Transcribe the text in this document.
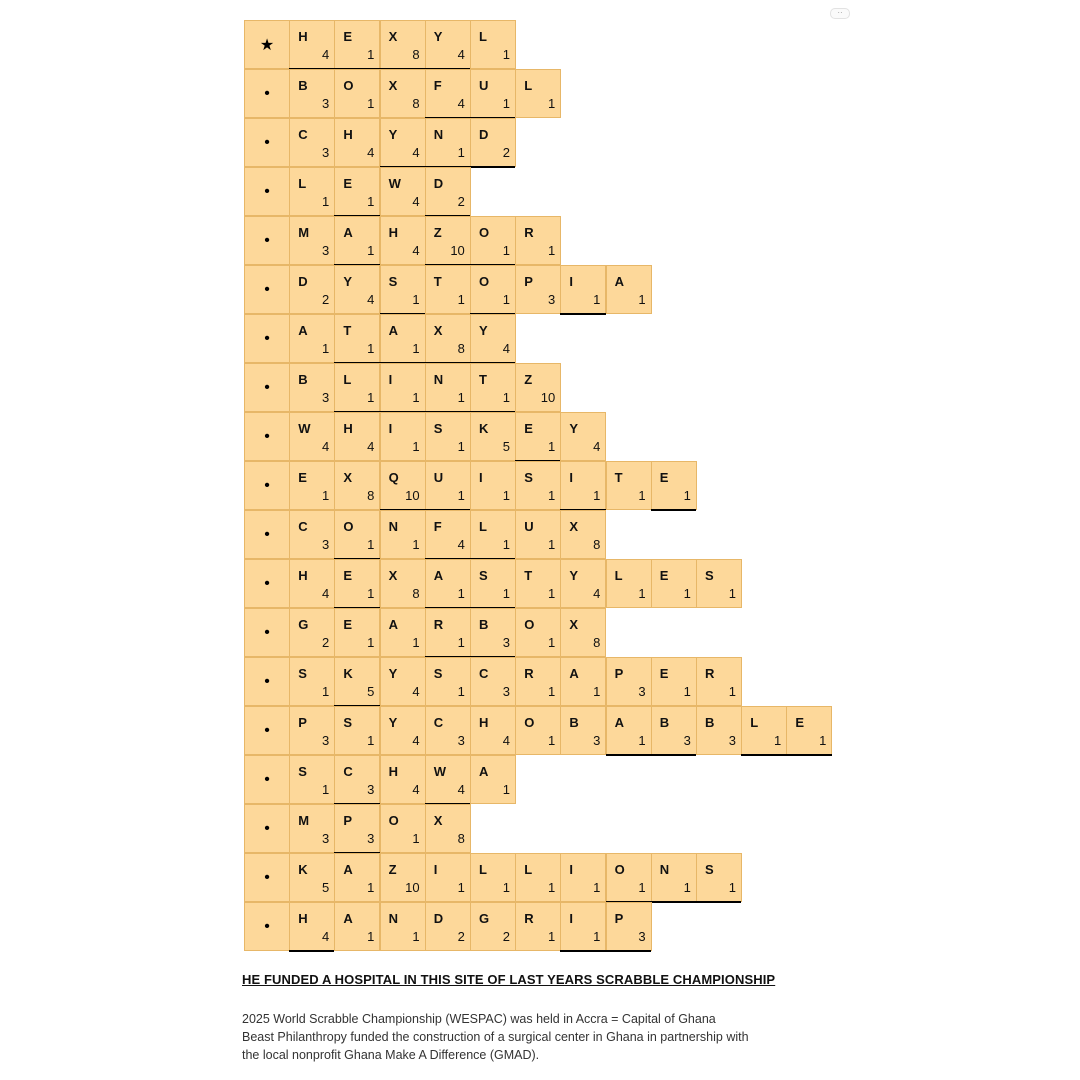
··
★	H
4
E
1
X
8
Y
4
L
1
•	B
3
O
1
X
8
F
4
U
1
L
1
•	C
3
H
4
Y
4
N
1
D
2
•	L
1
E
1
W
4
D
2
•	M
3
A
1
H
4
Z
10
O
1
R
1
•	D
2
Y
4
S
1
T
1
O
1
P
3
I
1
A
1
•	A
1
T
1
A
1
X
8
Y
4
•	B
3
L
1
I
1
N
1
T
1
Z
10
•	W
4
H
4
I
1
S
1
K
5
E
1
Y
4
•	E
1
X
8
Q
10
U
1
I
1
S
1
I
1
T
1
E
1
•	C
3
O
1
N
1
F
4
L
1
U
1
X
8
•	H
4
E
1
X
8
A
1
S
1
T
1
Y
4
L
1
E
1
S
1
•	G
2
E
1
A
1
R
1
B
3
O
1
X
8
•	S
1
K
5
Y
4
S
1
C
3
R
1
A
1
P
3
E
1
R
1
•	P
3
S
1
Y
4
C
3
H
4
O
1
B
3
A
1
B
3
B
3
L
1
E
1
•	S
1
C
3
H
4
W
4
A
1
•	M
3
P
3
O
1
X
8
•	K
5
A
1
Z
10
I
1
L
1
L
1
I
1
O
1
N
1
S
1
•	H
4
A
1
N
1
D
2
G
2
R
1
I
1
P
3
HE FUNDED A HOSPITAL IN THIS SITE OF LAST YEARS SCRABBLE CHAMPIONSHIP
2025 World Scrabble Championship (WESPAC) was held in Accra = Capital of Ghana
Beast Philanthropy funded the construction of a surgical center in Ghana in partnership with
the local nonprofit Ghana Make A Difference (GMAD).
